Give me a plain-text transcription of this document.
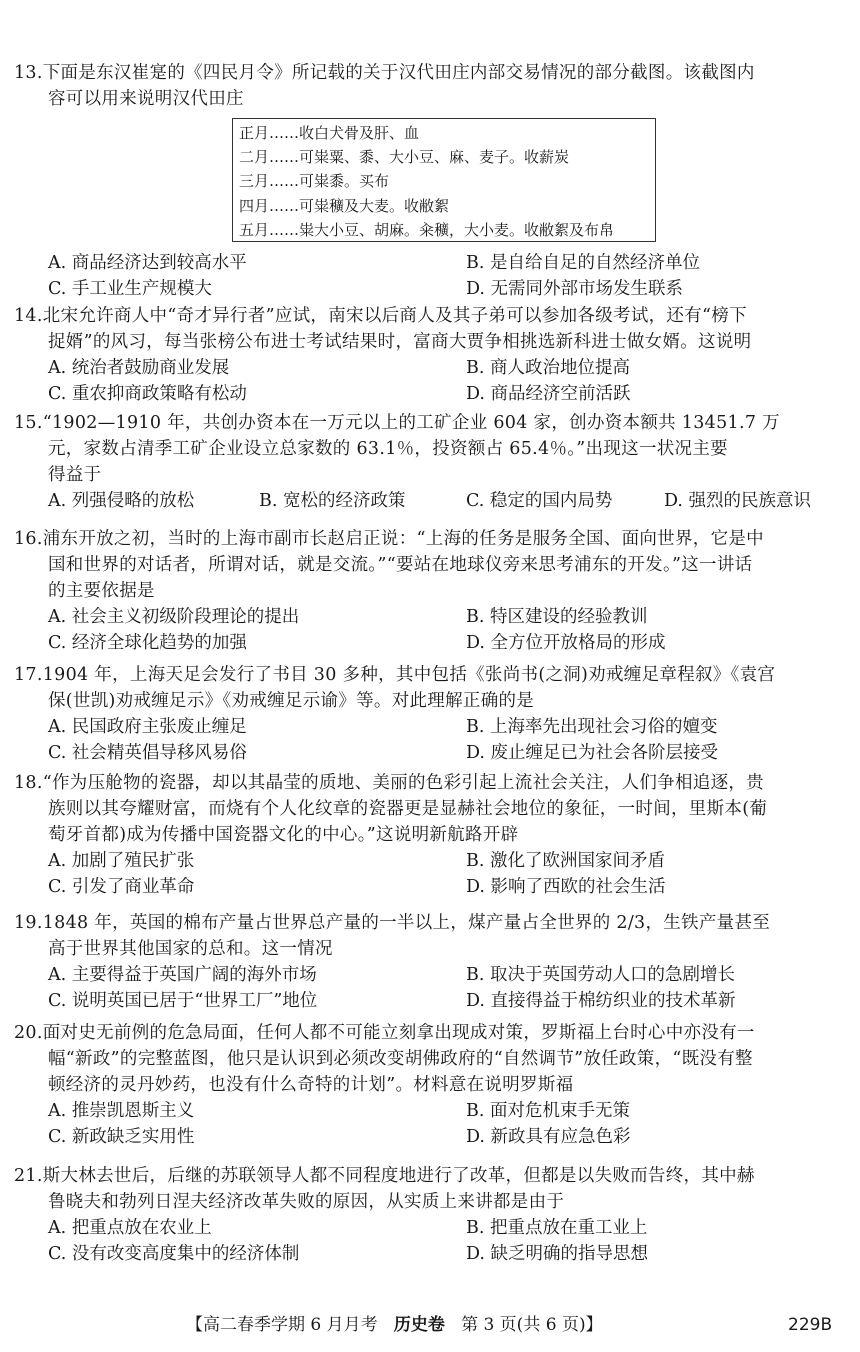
13.下面是东汉崔寔的《四民月令》所记载的关于汉代田庄内部交易情况的部分截图。该截图内
容可以用来说明汉代田庄
正月……收白犬骨及肝、血
二月……可粜粟、黍、大小豆、麻、麦子。收薪炭
三月……可粜黍。买布
四月……可粜穬及大麦。收敝絮
五月……粜大小豆、胡麻。籴穬，大小麦。收敝絮及布帛
A. 商品经济达到较高水平	B. 是自给自足的自然经济单位
C. 手工业生产规模大	D. 无需同外部市场发生联系
14.北宋允许商人中“奇才异行者”应试，南宋以后商人及其子弟可以参加各级考试，还有“榜下
捉婿”的风习，每当张榜公布进士考试结果时，富商大贾争相挑选新科进士做女婿。这说明
A. 统治者鼓励商业发展	B. 商人政治地位提高
C. 重农抑商政策略有松动	D. 商品经济空前活跃
15.“1902—1910 年，共创办资本在一万元以上的工矿企业 604 家，创办资本额共 13451.7 万
元，家数占清季工矿企业设立总家数的 63.1％，投资额占 65.4％。”出现这一状况主要
得益于
A. 列强侵略的放松	B. 宽松的经济政策	C. 稳定的国内局势	D. 强烈的民族意识
16.浦东开放之初，当时的上海市副市长赵启正说：“上海的任务是服务全国、面向世界，它是中
国和世界的对话者，所谓对话，就是交流。”“要站在地球仪旁来思考浦东的开发。”这一讲话
的主要依据是
A. 社会主义初级阶段理论的提出	B. 特区建设的经验教训
C. 经济全球化趋势的加强	D. 全方位开放格局的形成
17.1904 年，上海天足会发行了书目 30 多种，其中包括《张尚书(之洞)劝戒缠足章程叙》《袁宫
保(世凯)劝戒缠足示》《劝戒缠足示谕》等。对此理解正确的是
A. 民国政府主张废止缠足	B. 上海率先出现社会习俗的嬗变
C. 社会精英倡导移风易俗	D. 废止缠足已为社会各阶层接受
18.“作为压舱物的瓷器，却以其晶莹的质地、美丽的色彩引起上流社会关注，人们争相追逐，贵
族则以其夸耀财富，而烧有个人化纹章的瓷器更是显赫社会地位的象征，一时间，里斯本(葡
萄牙首都)成为传播中国瓷器文化的中心。”这说明新航路开辟
A. 加剧了殖民扩张	B. 激化了欧洲国家间矛盾
C. 引发了商业革命	D. 影响了西欧的社会生活
19.1848 年，英国的棉布产量占世界总产量的一半以上，煤产量占全世界的 2/3，生铁产量甚至
高于世界其他国家的总和。这一情况
A. 主要得益于英国广阔的海外市场	B. 取决于英国劳动人口的急剧增长
C. 说明英国已居于“世界工厂”地位	D. 直接得益于棉纺织业的技术革新
20.面对史无前例的危急局面，任何人都不可能立刻拿出现成对策，罗斯福上台时心中亦没有一
幅“新政”的完整蓝图，他只是认识到必须改变胡佛政府的“自然调节”放任政策，“既没有整
顿经济的灵丹妙药，也没有什么奇特的计划”。材料意在说明罗斯福
A. 推崇凯恩斯主义	B. 面对危机束手无策
C. 新政缺乏实用性	D. 新政具有应急色彩
21.斯大林去世后，后继的苏联领导人都不同程度地进行了改革，但都是以失败而告终，其中赫
鲁晓夫和勃列日涅夫经济改革失败的原因，从实质上来讲都是由于
A. 把重点放在农业上	B. 把重点放在重工业上
C. 没有改变高度集中的经济体制	D. 缺乏明确的指导思想
【高二春季学期 6 月月考 历史卷 第 3 页(共 6 页)】	229B
